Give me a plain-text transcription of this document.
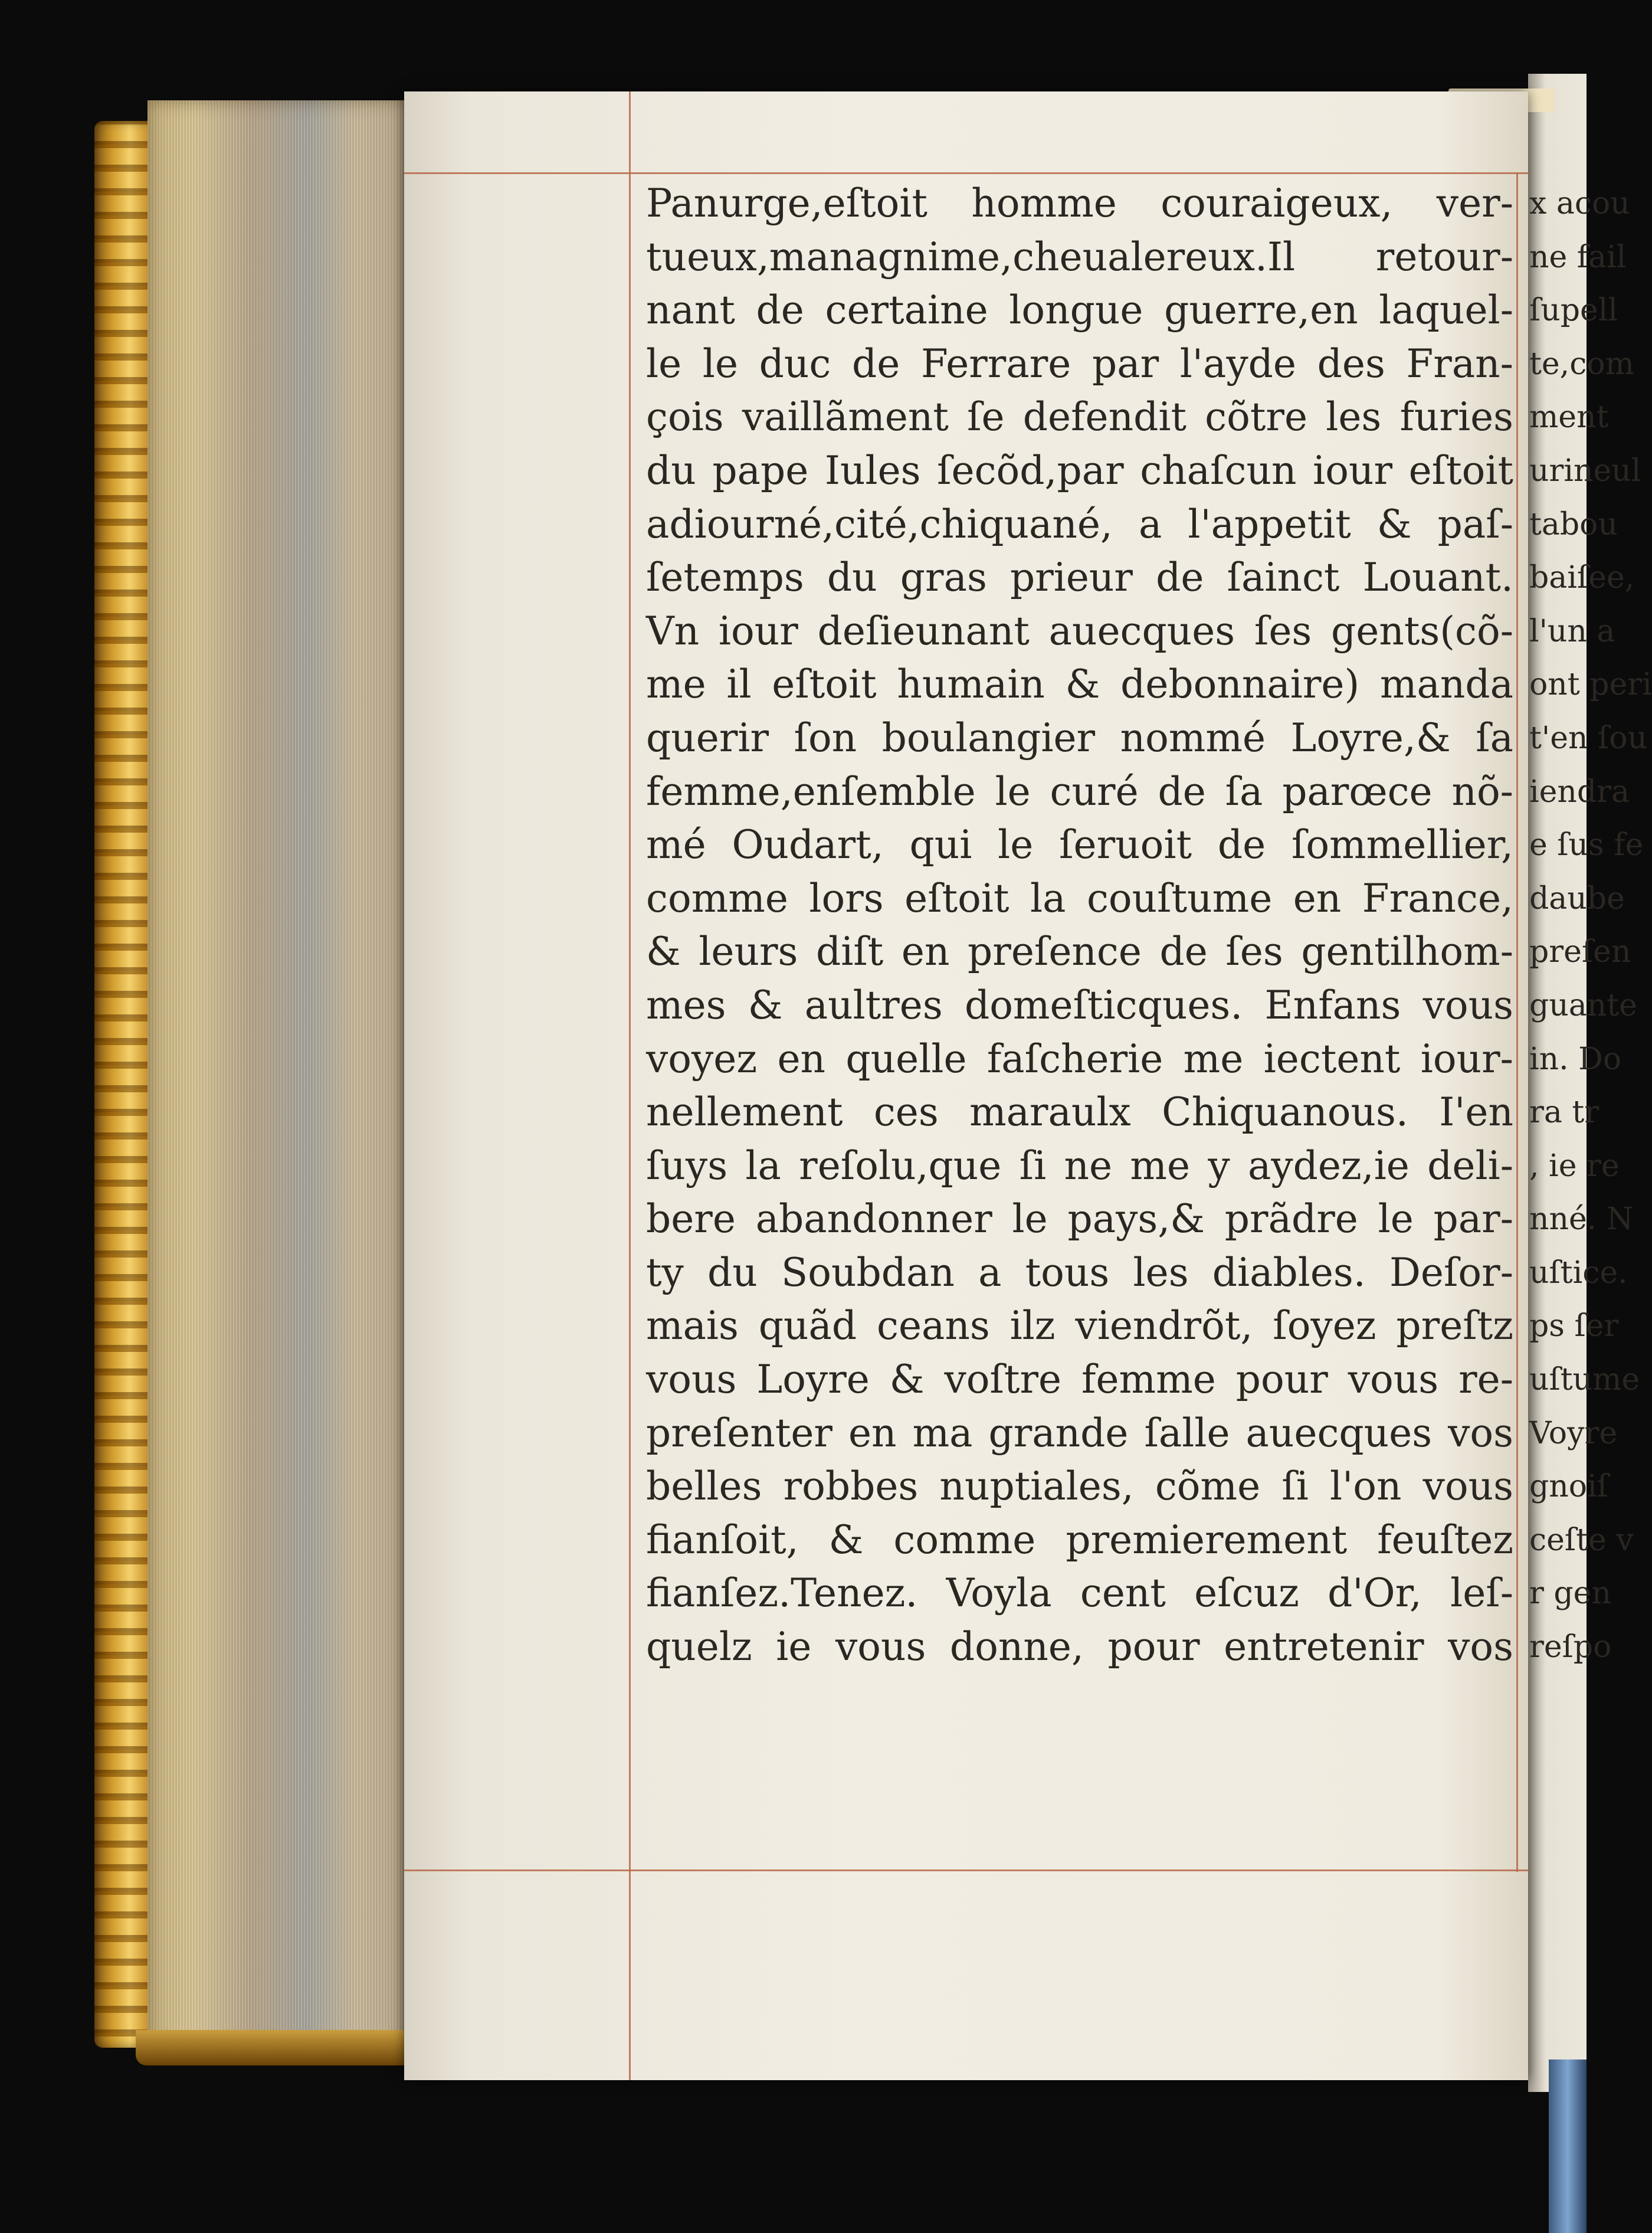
Panurge,eſtoit homme couraigeux, ver-
tueux,managnime,cheualereux.Il retour-
nant de certaine longue guerre,en laquel-
le le duc de Ferrare par l'ayde des Fran-
çois vaillãment ſe defendit cõtre les furies
du pape Iules ſecõd,par chaſcun iour eſtoit
adiourné,cité,chiquané, a l'appetit & paſ-
ſetemps du gras prieur de ſainct Louant.
Vn iour deſieunant auecques ſes gents(cõ-
me il eſtoit humain & debonnaire) manda
querir ſon boulangier nommé Loyre,& ſa
femme,enſemble le curé de ſa parœce nõ-
mé Oudart, qui le ſeruoit de ſommellier,
comme lors eſtoit la couſtume en France,
& leurs diſt en preſence de ſes gentilhom-
mes & aultres domeſticques. Enfans vous
voyez en quelle faſcherie me iectent iour-
nellement ces maraulx Chiquanous. I'en
ſuys la reſolu,que ſi ne me y aydez,ie deli-
bere abandonner le pays,& prãdre le par-
ty du Soubdan a tous les diables. Deſor-
mais quãd ceans ilz viendrõt, ſoyez preſtz
vous Loyre & voſtre femme pour vous re-
preſenter en ma grande ſalle auecques vos
belles robbes nuptiales, cõme ſi l'on vous
fianſoit, & comme premierement feuſtez
fianſez.Tenez. Voyla cent eſcuz d'Or, leſ-
quelz ie vous donne, pour entretenir vos
x acou
ne fail
ſupell
te,com
ment
urineul
tabou
baiſee,
l'un a
ont peri
t'en ſou
iendra
e ſus fe
daube
preſen
guante
in. Do
ra tr
, ie re
nné. N
uſtice.
ps ſer
uſtume
Voyre
gnoiſ
ceſte v
r gen
reſpo
